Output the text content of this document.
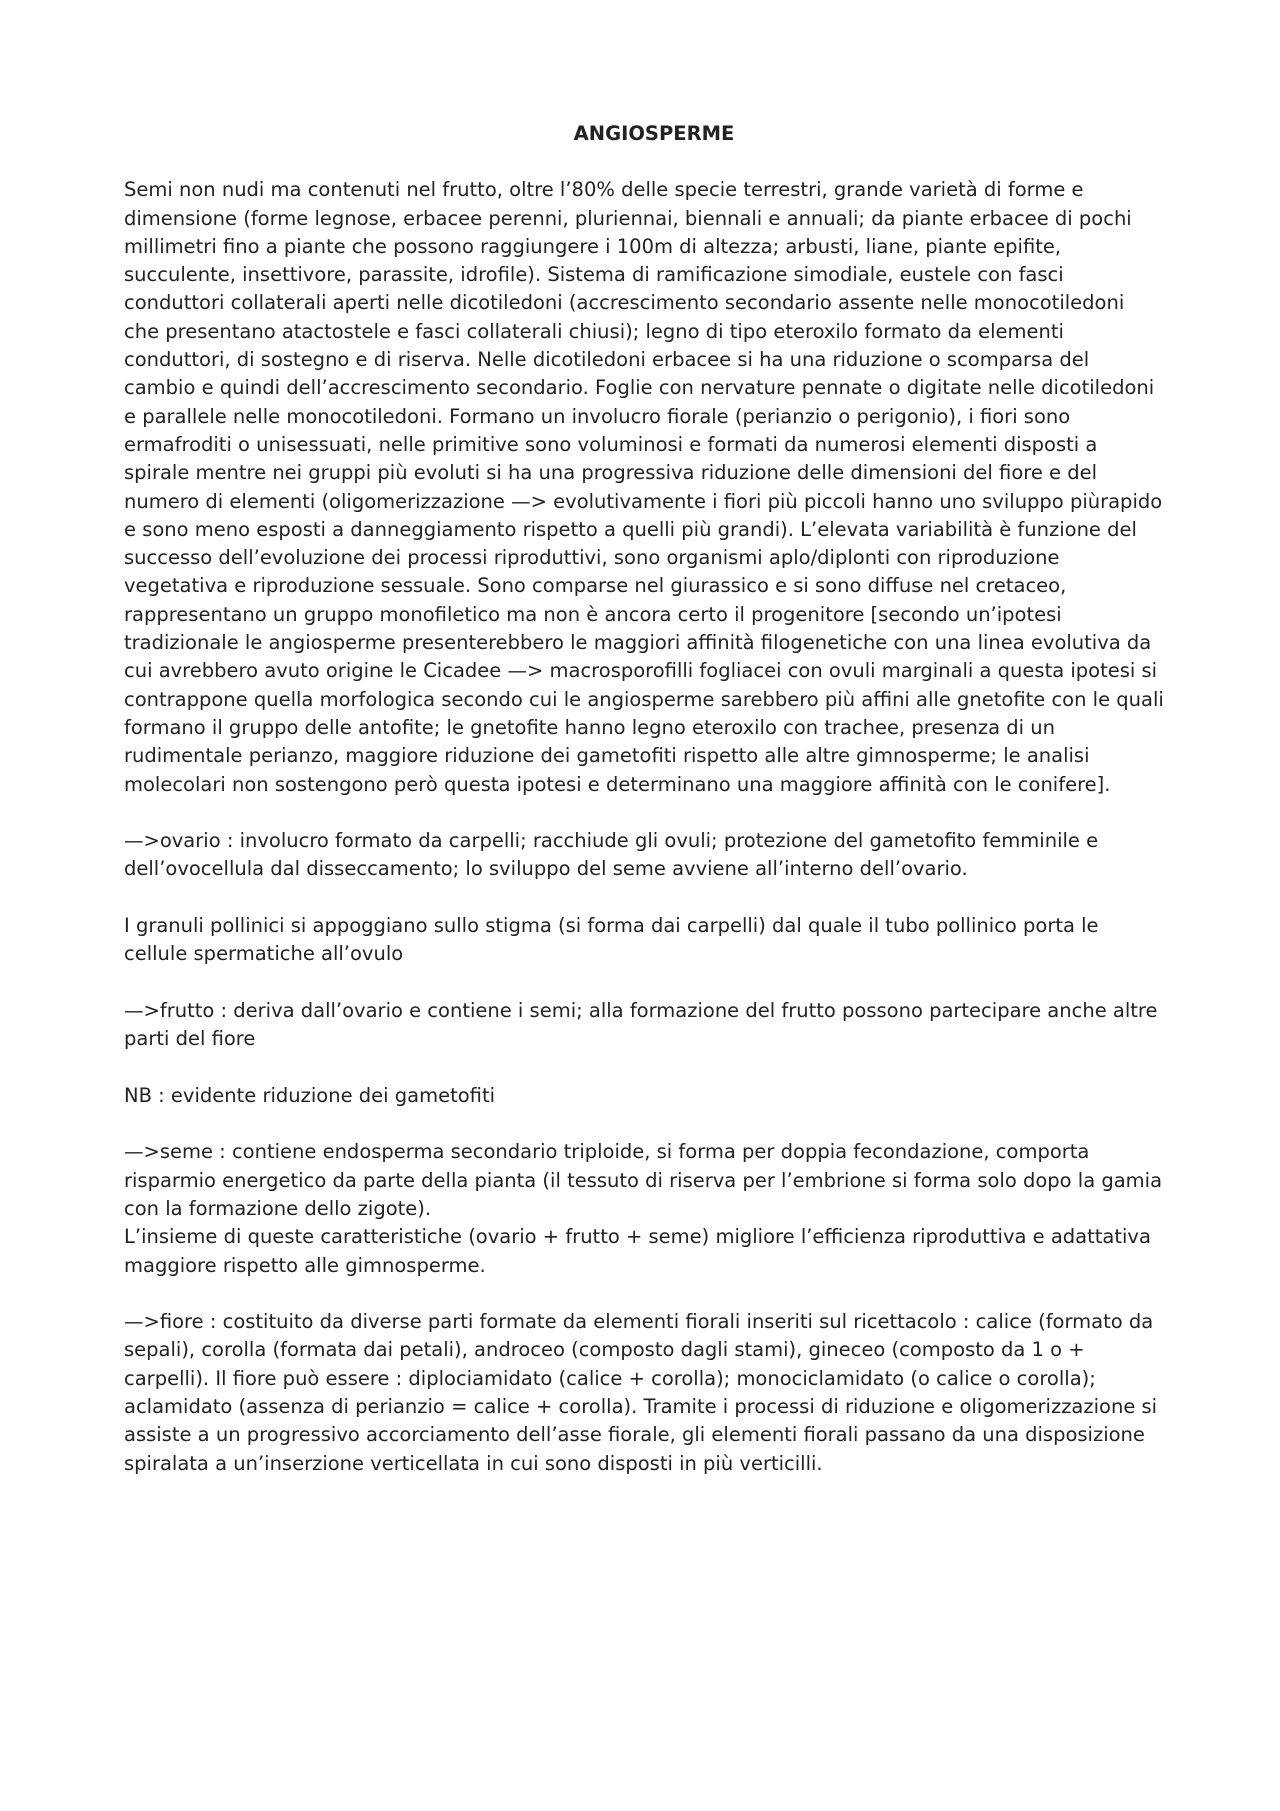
ANGIOSPERME

Semi non nudi ma contenuti nel frutto, oltre l’80% delle specie terrestri, grande varietà di forme e dimensione (forme legnose, erbacee perenni, pluriennai, biennali e annuali; da piante erbacee di pochi millimetri fino a piante che possono raggiungere i 100m di altezza; arbusti, liane, piante epifite, succulente, insettivore, parassite, idrofile). Sistema di ramificazione simodiale, eustele con fasci conduttori collaterali aperti nelle dicotiledoni (accrescimento secondario assente nelle monocotiledoni che presentano atactostele e fasci collaterali chiusi); legno di tipo eteroxilo formato da elementi conduttori, di sostegno e di riserva. Nelle dicotiledoni erbacee si ha una riduzione o scomparsa del cambio e quindi dell’accrescimento secondario. Foglie con nervature pennate o digitate nelle dicotiledoni e parallele nelle monocotiledoni. Formano un involucro fiorale (perianzio o perigonio), i fiori sono ermafroditi o unisessuati, nelle primitive sono voluminosi e formati da numerosi elementi disposti a spirale mentre nei gruppi più evoluti si ha una progressiva riduzione delle dimensioni del fiore e del numero di elementi (oligomerizzazione —> evolutivamente i fiori più piccoli hanno uno sviluppo piùrapido e sono meno esposti a danneggiamento rispetto a quelli più grandi). L’elevata variabilità è funzione del successo dell’evoluzione dei processi riproduttivi, sono organismi aplo/diplonti con riproduzione vegetativa e riproduzione sessuale. Sono comparse nel giurassico e si sono diffuse nel cretaceo, rappresentano un gruppo monofiletico ma non è ancora certo il progenitore [secondo un’ipotesi tradizionale le angiosperme presenterebbero le maggiori affinità filogenetiche con una linea evolutiva da cui avrebbero avuto origine le Cicadee —> macrosporofilli fogliacei con ovuli marginali a questa ipotesi si contrappone quella morfologica secondo cui le angiosperme sarebbero più affini alle gnetofite con le quali formano il gruppo delle antofite; le gnetofite hanno legno eteroxilo con trachee, presenza di un rudimentale perianzo, maggiore riduzione dei gametofiti rispetto alle altre gimnosperme; le analisi molecolari non sostengono però questa ipotesi e determinano una maggiore affinità con le conifere].

—>ovario : involucro formato da carpelli; racchiude gli ovuli; protezione del gametofito femminile e dell’ovocellula dal disseccamento; lo sviluppo del seme avviene all’interno dell’ovario.

I granuli pollinici si appoggiano sullo stigma (si forma dai carpelli) dal quale il tubo pollinico porta le cellule spermatiche all’ovulo

—>frutto : deriva dall’ovario e contiene i semi; alla formazione del frutto possono partecipare anche altre parti del fiore

NB : evidente riduzione dei gametofiti

—>seme : contiene endosperma secondario triploide, si forma per doppia fecondazione, comporta risparmio energetico da parte della pianta (il tessuto di riserva per l’embrione si forma solo dopo la gamia con la formazione dello zigote).

L’insieme di queste caratteristiche (ovario + frutto + seme) migliore l’efficienza riproduttiva e adattativa maggiore rispetto alle gimnosperme.

—>fiore : costituito da diverse parti formate da elementi fiorali inseriti sul ricettacolo : calice (formato da sepali), corolla (formata dai petali), androceo (composto dagli stami), gineceo (composto da 1 o + carpelli). Il fiore può essere : diplociamidato (calice + corolla); monociclamidato (o calice o corolla); aclamidato (assenza di perianzio = calice + corolla). Tramite i processi di riduzione e oligomerizzazione si assiste a un progressivo accorciamento dell’asse fiorale, gli elementi fiorali passano da una disposizione spiralata a un’inserzione verticellata in cui sono disposti in più verticilli.
